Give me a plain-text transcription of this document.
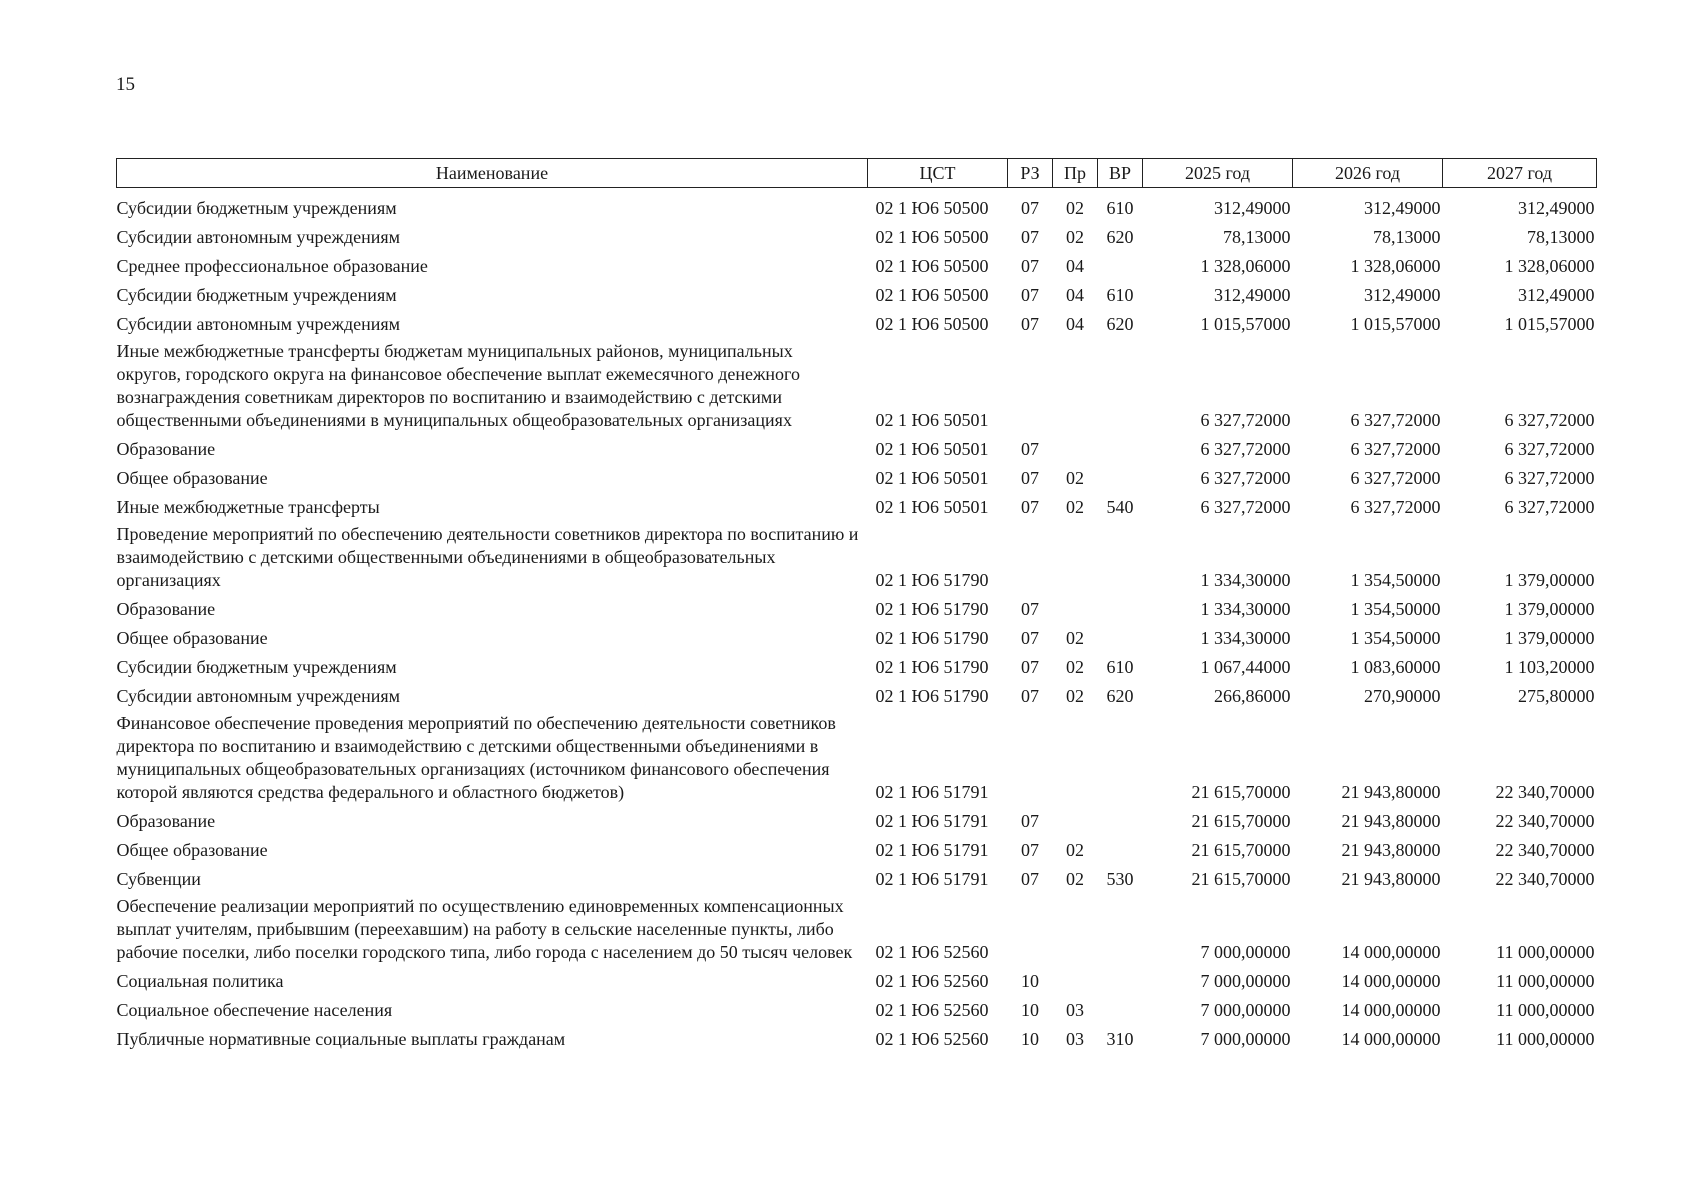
15
Наименование	ЦСТ	РЗ	Пр	ВР	2025 год	2026 год	2027 год
Субсидии бюджетным учреждениям	02 1 Ю6 50500	07	02	610	312,49000	312,49000	312,49000
Субсидии автономным учреждениям	02 1 Ю6 50500	07	02	620	78,13000	78,13000	78,13000
Среднее профессиональное образование	02 1 Ю6 50500	07	04		1 328,06000	1 328,06000	1 328,06000
Субсидии бюджетным учреждениям	02 1 Ю6 50500	07	04	610	312,49000	312,49000	312,49000
Субсидии автономным учреждениям	02 1 Ю6 50500	07	04	620	1 015,57000	1 015,57000	1 015,57000
Иные межбюджетные трансферты бюджетам муниципальных районов, муниципальных округов, городского округа на финансовое обеспечение выплат ежемесячного денежного вознаграждения советникам директоров по воспитанию и взаимодействию с детскими общественными объединениями в муниципальных общеобразовательных организациях	02 1 Ю6 50501				6 327,72000	6 327,72000	6 327,72000
Образование	02 1 Ю6 50501	07			6 327,72000	6 327,72000	6 327,72000
Общее образование	02 1 Ю6 50501	07	02		6 327,72000	6 327,72000	6 327,72000
Иные межбюджетные трансферты	02 1 Ю6 50501	07	02	540	6 327,72000	6 327,72000	6 327,72000
Проведение мероприятий по обеспечению деятельности советников директора по воспитанию и взаимодействию с детскими общественными объединениями в общеобразовательных организациях	02 1 Ю6 51790				1 334,30000	1 354,50000	1 379,00000
Образование	02 1 Ю6 51790	07			1 334,30000	1 354,50000	1 379,00000
Общее образование	02 1 Ю6 51790	07	02		1 334,30000	1 354,50000	1 379,00000
Субсидии бюджетным учреждениям	02 1 Ю6 51790	07	02	610	1 067,44000	1 083,60000	1 103,20000
Субсидии автономным учреждениям	02 1 Ю6 51790	07	02	620	266,86000	270,90000	275,80000
Финансовое обеспечение проведения мероприятий по обеспечению деятельности советников директора по воспитанию и взаимодействию с детскими общественными объединениями в муниципальных общеобразовательных организациях (источником финансового обеспечения которой являются средства федерального и областного бюджетов)	02 1 Ю6 51791				21 615,70000	21 943,80000	22 340,70000
Образование	02 1 Ю6 51791	07			21 615,70000	21 943,80000	22 340,70000
Общее образование	02 1 Ю6 51791	07	02		21 615,70000	21 943,80000	22 340,70000
Субвенции	02 1 Ю6 51791	07	02	530	21 615,70000	21 943,80000	22 340,70000
Обеспечение реализации мероприятий по осуществлению единовременных компенсационных выплат учителям, прибывшим (переехавшим) на работу в сельские населенные пункты, либо рабочие поселки, либо поселки городского типа, либо города с населением до 50 тысяч человек	02 1 Ю6 52560				7 000,00000	14 000,00000	11 000,00000
Социальная политика	02 1 Ю6 52560	10			7 000,00000	14 000,00000	11 000,00000
Социальное обеспечение населения	02 1 Ю6 52560	10	03		7 000,00000	14 000,00000	11 000,00000
Публичные нормативные социальные выплаты гражданам	02 1 Ю6 52560	10	03	310	7 000,00000	14 000,00000	11 000,00000
